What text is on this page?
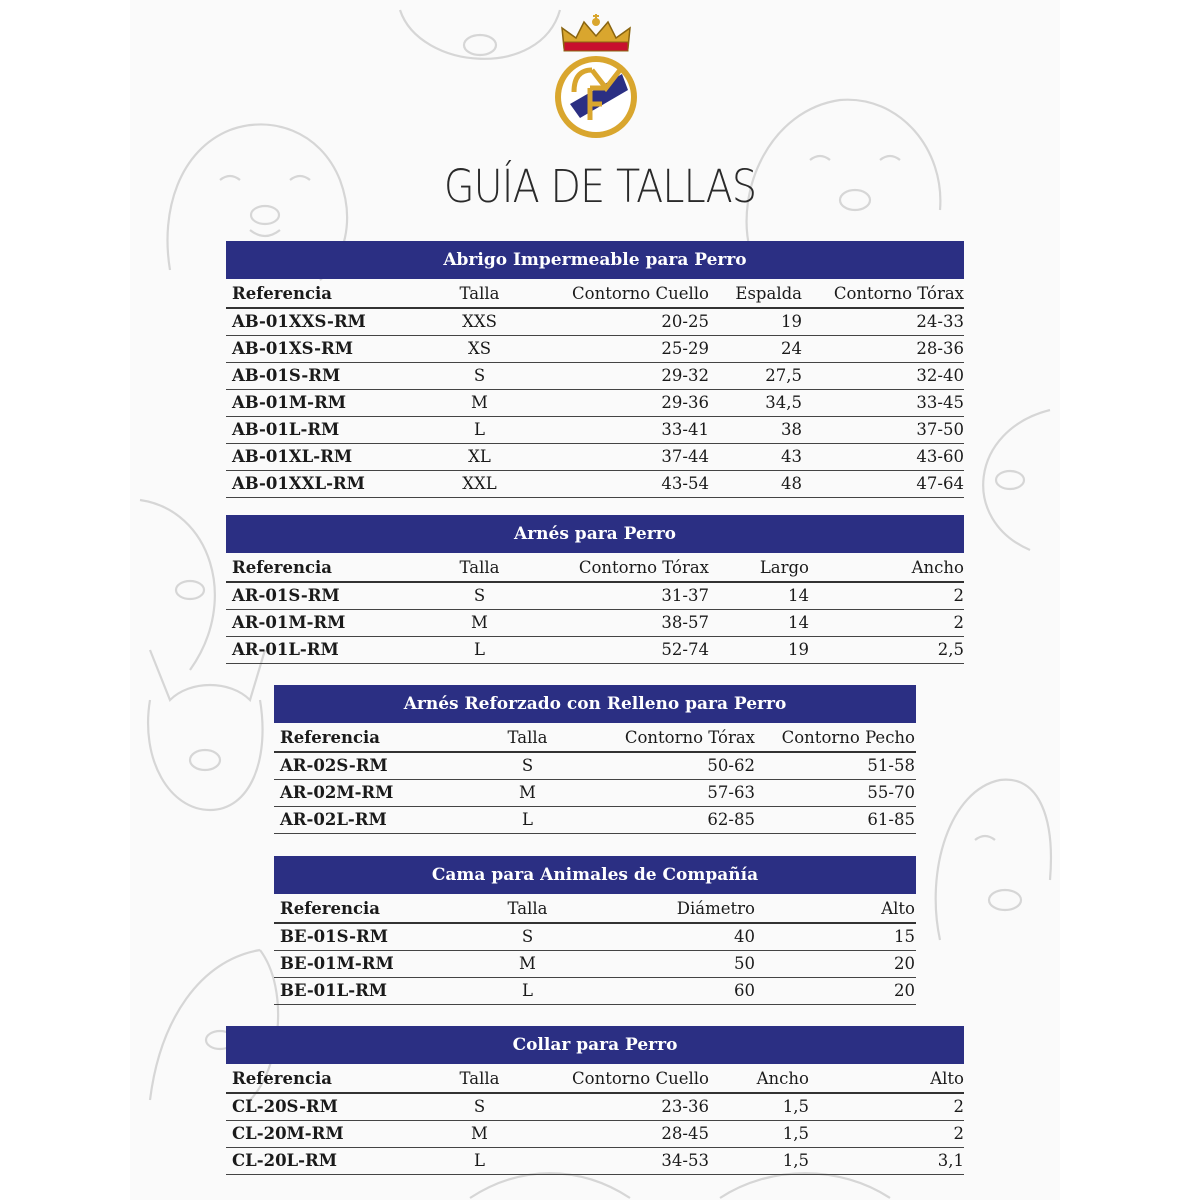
GUÍA DE TALLAS
Abrigo Impermeable para Perro
Referencia	Talla	Contorno Cuello	Espalda	Contorno Tórax
AB-01XXS-RM	XXS	20-25	19	24-33
AB-01XS-RM	XS	25-29	24	28-36
AB-01S-RM	S	29-32	27,5	32-40
AB-01M-RM	M	29-36	34,5	33-45
AB-01L-RM	L	33-41	38	37-50
AB-01XL-RM	XL	37-44	43	43-60
AB-01XXL-RM	XXL	43-54	48	47-64
Arnés para Perro
Referencia	Talla	Contorno Tórax	Largo	Ancho
AR-01S-RM	S	31-37	14	2
AR-01M-RM	M	38-57	14	2
AR-01L-RM	L	52-74	19	2,5
Arnés Reforzado con Relleno para Perro
Referencia	Talla	Contorno Tórax	Contorno Pecho
AR-02S-RM	S	50-62	51-58
AR-02M-RM	M	57-63	55-70
AR-02L-RM	L	62-85	61-85
Cama para Animales de Compañía
Referencia	Talla	Diámetro	Alto
BE-01S-RM	S	40	15
BE-01M-RM	M	50	20
BE-01L-RM	L	60	20
Collar para Perro
Referencia	Talla	Contorno Cuello	Ancho	Alto
CL-20S-RM	S	23-36	1,5	2
CL-20M-RM	M	28-45	1,5	2
CL-20L-RM	L	34-53	1,5	3,1
